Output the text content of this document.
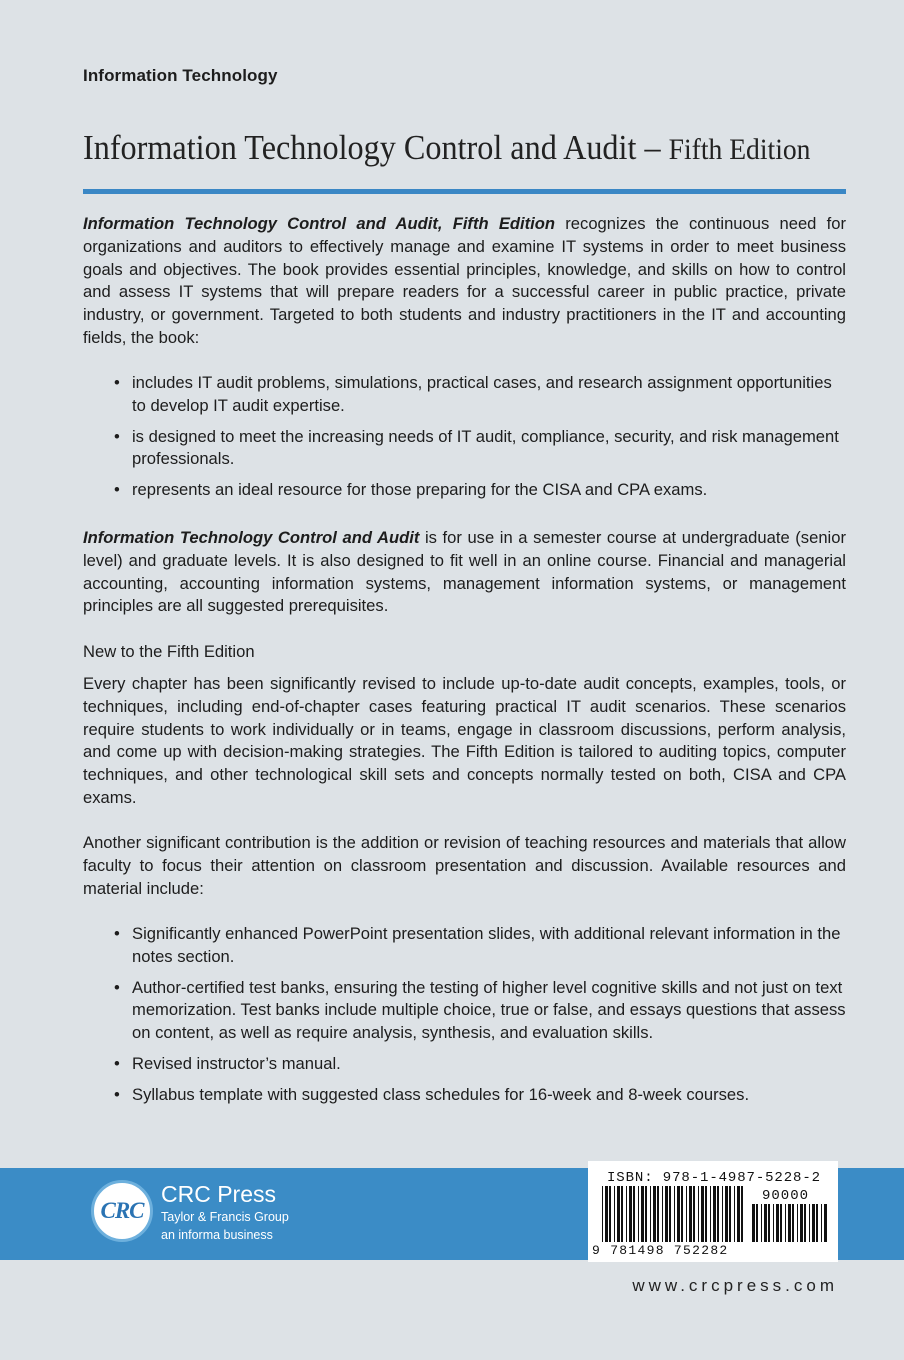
Information Technology
Information Technology Control and Audit – Fifth Edition
Information Technology Control and Audit, Fifth Edition recognizes the continuous need for organizations and auditors to effectively manage and examine IT systems in order to meet business goals and objectives. The book provides essential principles, knowledge, and skills on how to control and assess IT systems that will prepare readers for a successful career in public practice, private industry, or government. Targeted to both students and industry practitioners in the IT and accounting fields, the book:
• includes IT audit problems, simulations, practical cases, and research assignment opportunities to develop IT audit expertise.
• is designed to meet the increasing needs of IT audit, compliance, security, and risk management professionals.
• represents an ideal resource for those preparing for the CISA and CPA exams.
Information Technology Control and Audit is for use in a semester course at undergraduate (senior level) and graduate levels. It is also designed to fit well in an online course. Financial and managerial accounting, accounting information systems, management information systems, or management principles are all suggested prerequisites.
New to the Fifth Edition
Every chapter has been significantly revised to include up-to-date audit concepts, examples, tools, or techniques, including end-of-chapter cases featuring practical IT audit scenarios. These scenarios require students to work individually or in teams, engage in classroom discussions, perform analysis, and come up with decision-making strategies. The Fifth Edition is tailored to auditing topics, computer techniques, and other technological skill sets and concepts normally tested on both, CISA and CPA exams.
Another significant contribution is the addition or revision of teaching resources and materials that allow faculty to focus their attention on classroom presentation and discussion. Available resources and material include:
• Significantly enhanced PowerPoint presentation slides, with additional relevant information in the notes section.
• Author-certified test banks, ensuring the testing of higher level cognitive skills and not just on text memorization. Test banks include multiple choice, true or false, and essays questions that assess on content, as well as require analysis, synthesis, and evaluation skills.
• Revised instructor’s manual.
• Syllabus template with suggested class schedules for 16-week and 8-week courses.
CRC
CRC Press
Taylor & Francis Group
an informa business
ISBN: 978-1-4987-5228-2
90000
9 781498 752282
www.crcpress.com
